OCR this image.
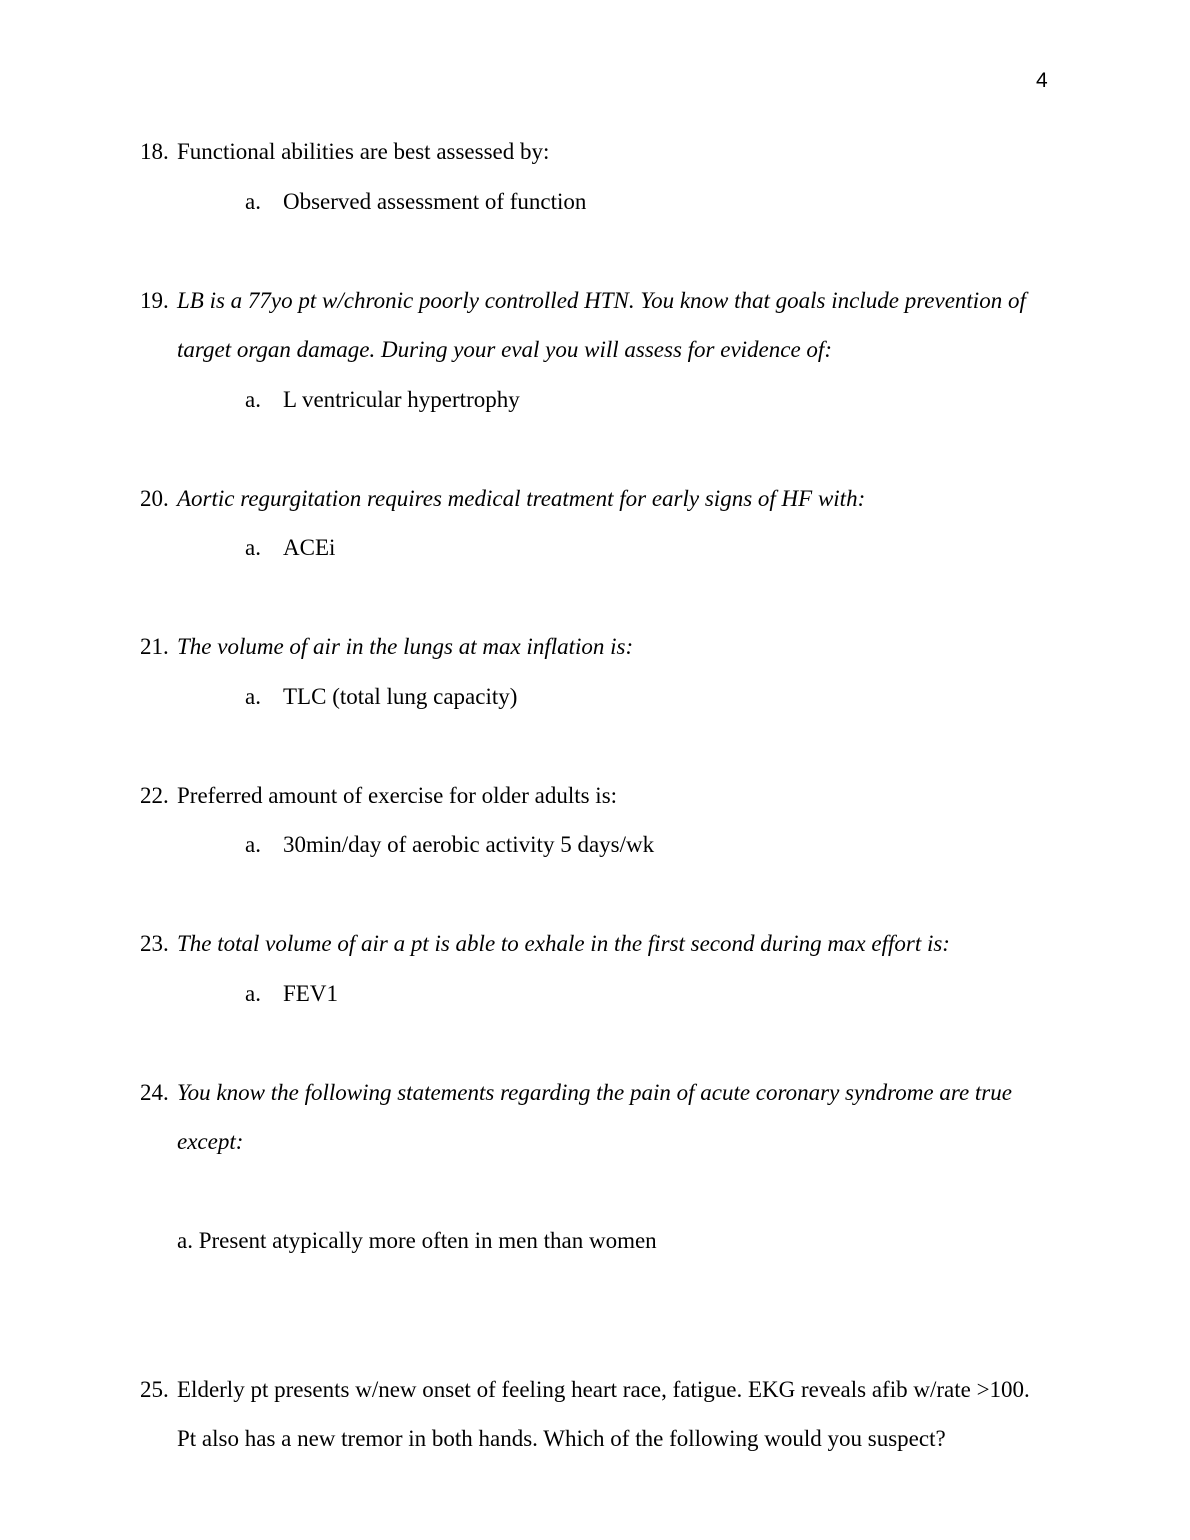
4
18. Functional abilities are best assessed by:
a. Observed assessment of function
19. LB is a 77yo pt w/chronic poorly controlled HTN. You know that goals include prevention of target organ damage. During your eval you will assess for evidence of:
a. L ventricular hypertrophy
20. Aortic regurgitation requires medical treatment for early signs of HF with:
a. ACEi
21. The volume of air in the lungs at max inflation is:
a. TLC (total lung capacity)
22. Preferred amount of exercise for older adults is:
a. 30min/day of aerobic activity 5 days/wk
23. The total volume of air a pt is able to exhale in the first second during max effort is:
a. FEV1
24. You know the following statements regarding the pain of acute coronary syndrome are true except:
a. Present atypically more often in men than women
25. Elderly pt presents w/new onset of feeling heart race, fatigue. EKG reveals afib w/rate >100. Pt also has a new tremor in both hands. Which of the following would you suspect?
